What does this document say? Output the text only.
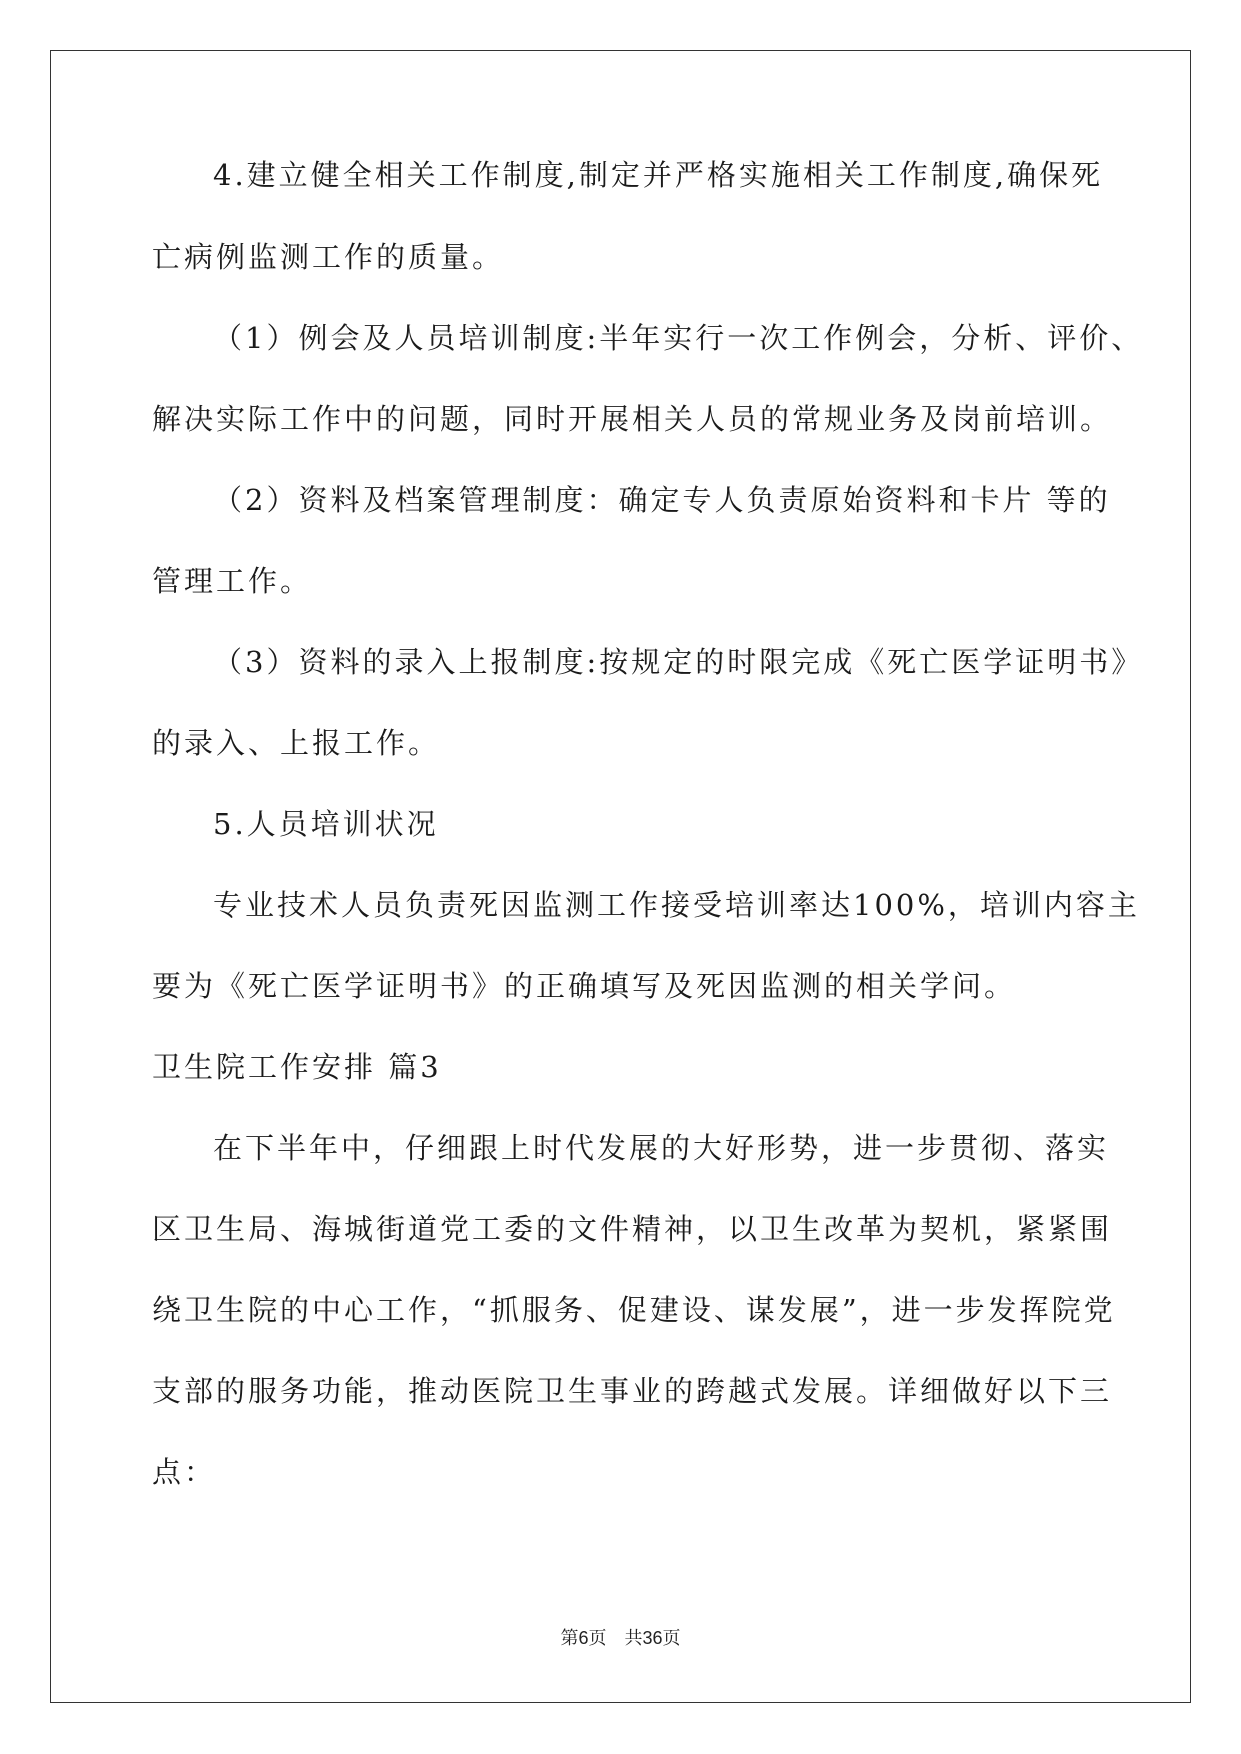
4.建立健全相关工作制度,制定并严格实施相关工作制度,确保死
亡病例监测工作的质量。
（1）例会及人员培训制度:半年实行一次工作例会，分析、评价、
解决实际工作中的问题，同时开展相关人员的常规业务及岗前培训。
（2）资料及档案管理制度：确定专人负责原始资料和卡片 等的
管理工作。
（3）资料的录入上报制度:按规定的时限完成《死亡医学证明书》
的录入、上报工作。
5.人员培训状况
专业技术人员负责死因监测工作接受培训率达100%，培训内容主
要为《死亡医学证明书》的正确填写及死因监测的相关学问。
卫生院工作安排 篇3
在下半年中，仔细跟上时代发展的大好形势，进一步贯彻、落实
区卫生局、海城街道党工委的文件精神，以卫生改革为契机，紧紧围
绕卫生院的中心工作，“抓服务、促建设、谋发展”，进一步发挥院党
支部的服务功能，推动医院卫生事业的跨越式发展。详细做好以下三
点：
第6页 共36页
